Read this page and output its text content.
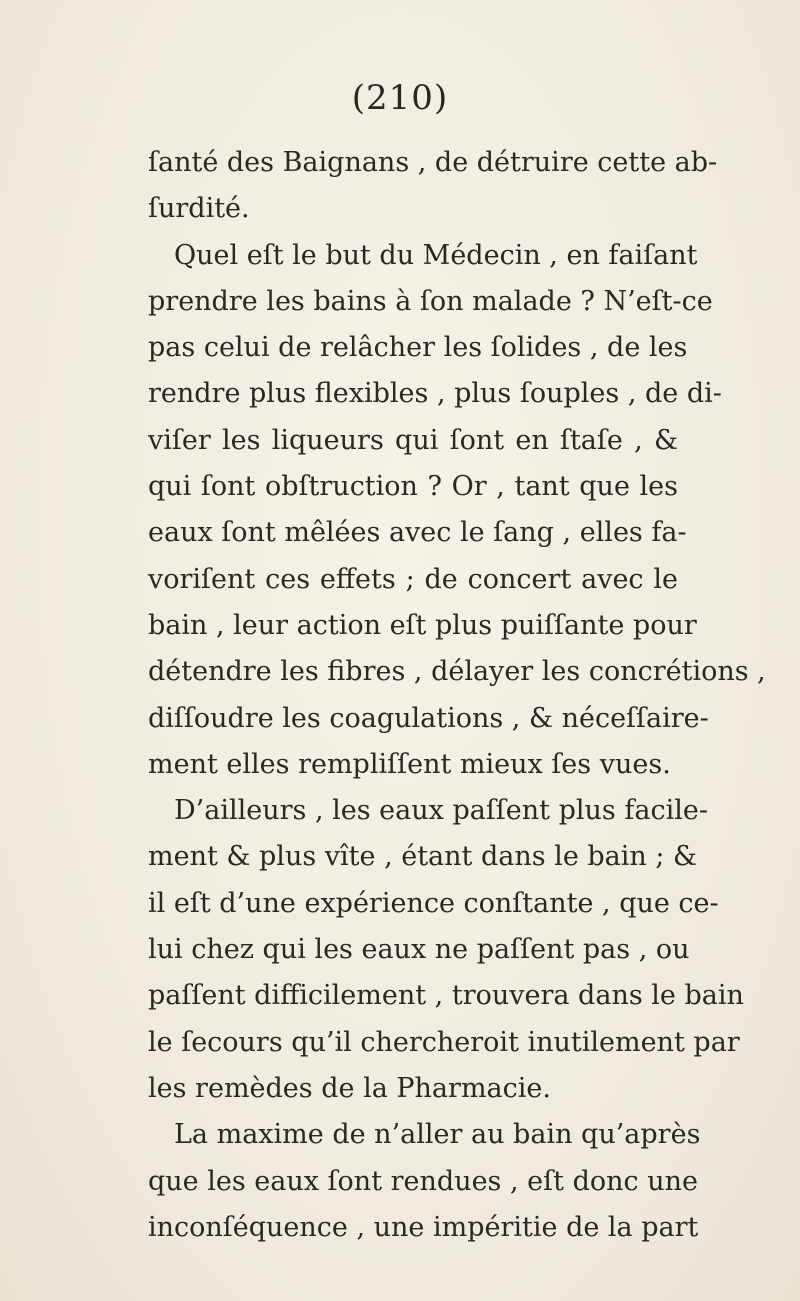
(210)
ſanté des Baignans , de détruire cette ab-
ſurdité.
Quel eſt le but du Médecin , en faiſant
prendre les bains à ſon malade ? N’eſt-ce
pas celui de relâcher les ſolides , de les
rendre plus flexibles , plus ſouples , de di-
viſer les liqueurs qui ſont en ſtaſe , &
qui ſont obſtruction ? Or , tant que les
eaux ſont mêlées avec le ſang , elles fa-
voriſent ces effets ; de concert avec le
bain , leur action eſt plus puiſſante pour
détendre les fibres , délayer les concrétions ,
diſſoudre les coagulations , & néceſſaire-
ment elles rempliſſent mieux ſes vues.
D’ailleurs , les eaux paſſent plus facile-
ment & plus vîte , étant dans le bain ; &
il eſt d’une expérience conſtante , que ce-
lui chez qui les eaux ne paſſent pas , ou
paſſent difficilement , trouvera dans le bain
le ſecours qu’il chercheroit inutilement par
les remèdes de la Pharmacie.
La maxime de n’aller au bain qu’après
que les eaux ſont rendues , eſt donc une
inconſéquence , une impéritie de la part
